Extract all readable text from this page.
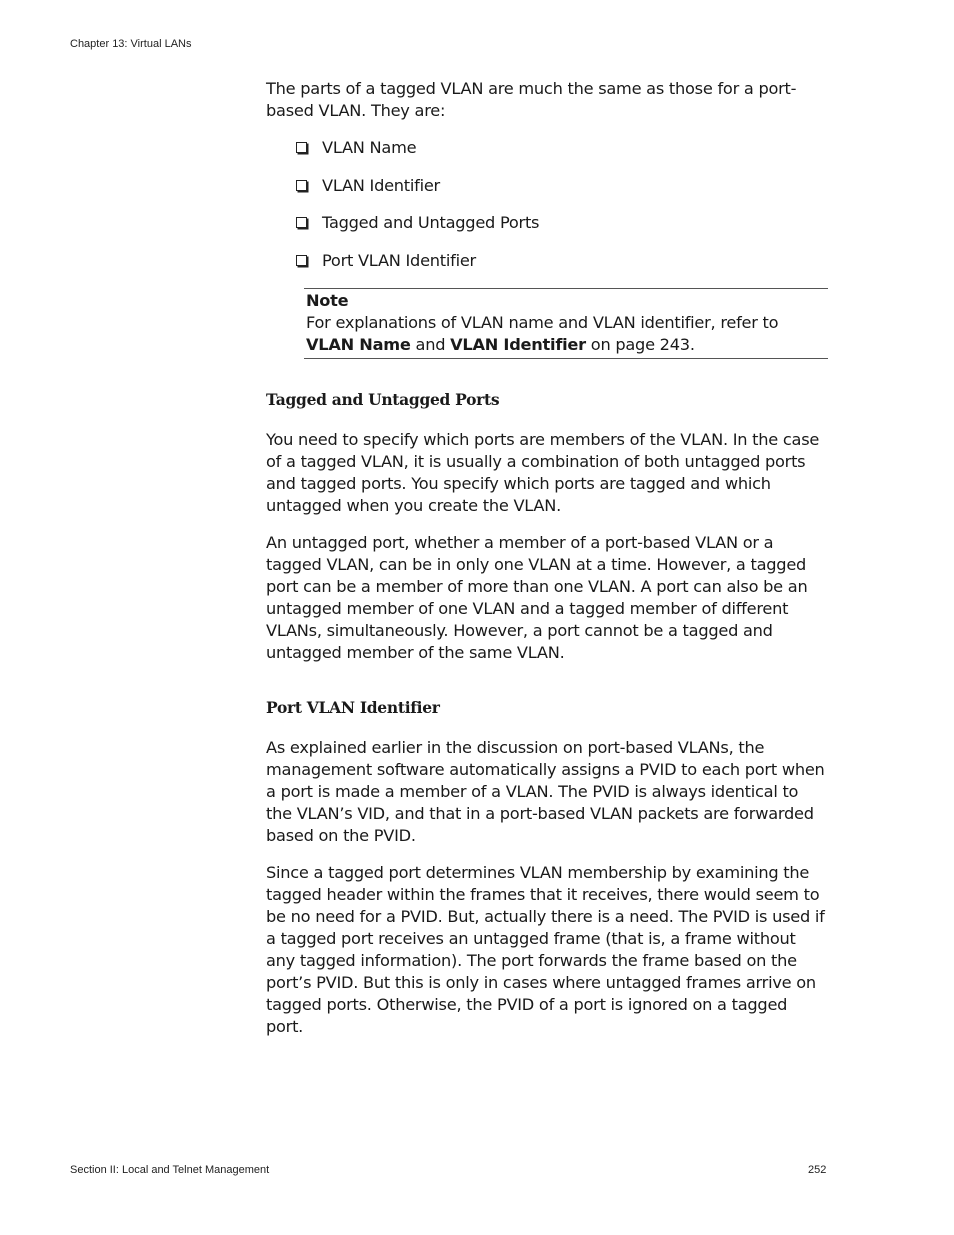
Chapter 13: Virtual LANs

The parts of a tagged VLAN are much the same as those for a port-based VLAN. They are:

VLAN Name
VLAN Identifier
Tagged and Untagged Ports
Port VLAN Identifier
Note
For explanations of VLAN name and VLAN identifier, refer to VLAN Name and VLAN Identifier on page 243.
Tagged and Untagged Ports

You need to specify which ports are members of the VLAN. In the case of a tagged VLAN, it is usually a combination of both untagged ports and tagged ports. You specify which ports are tagged and which untagged when you create the VLAN.

An untagged port, whether a member of a port-based VLAN or a tagged VLAN, can be in only one VLAN at a time. However, a tagged port can be a member of more than one VLAN. A port can also be an untagged member of one VLAN and a tagged member of different VLANs, simultaneously. However, a port cannot be a tagged and untagged member of the same VLAN.

Port VLAN Identifier

As explained earlier in the discussion on port-based VLANs, the management software automatically assigns a PVID to each port when a port is made a member of a VLAN. The PVID is always identical to the VLAN’s VID, and that in a port-based VLAN packets are forwarded based on the PVID.

Since a tagged port determines VLAN membership by examining the tagged header within the frames that it receives, there would seem to be no need for a PVID. But, actually there is a need. The PVID is used if a tagged port receives an untagged frame (that is, a frame without any tagged information). The port forwards the frame based on the port’s PVID. But this is only in cases where untagged frames arrive on tagged ports. Otherwise, the PVID of a port is ignored on a tagged port.

Section II: Local and Telnet Management	252
